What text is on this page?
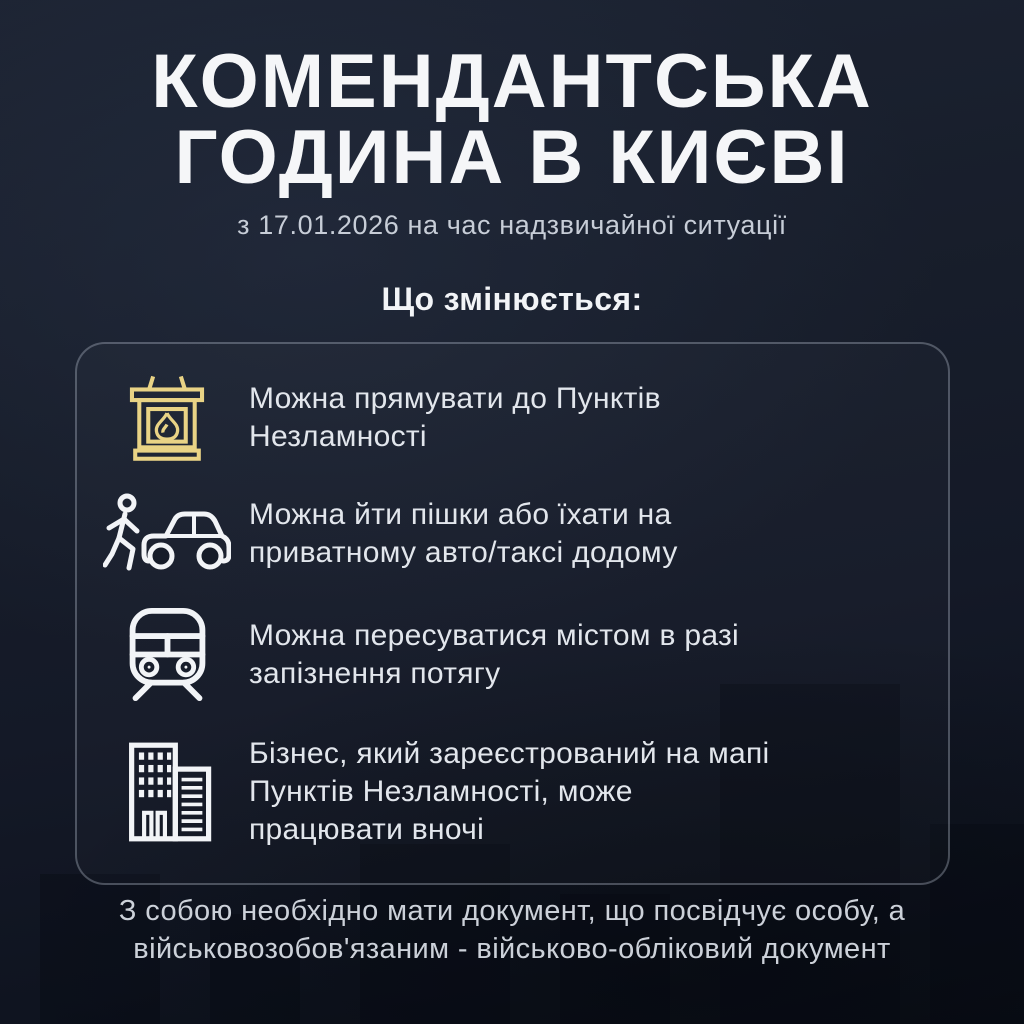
КОМЕНДАНТСЬКА
ГОДИНА В КИЄВІ
з 17.01.2026 на час надзвичайної ситуації
Що змінюється:
Можна прямувати до Пунктів
Незламності
Можна йти пішки або їхати на
приватному авто/таксі додому
Можна пересуватися містом в разі
запізнення потягу
Бізнес, який зареєстрований на мапі
Пунктів Незламності, може
працювати вночі
З собою необхідно мати документ, що посвідчує особу, а
військовозобов'язаним - військово-обліковий документ
